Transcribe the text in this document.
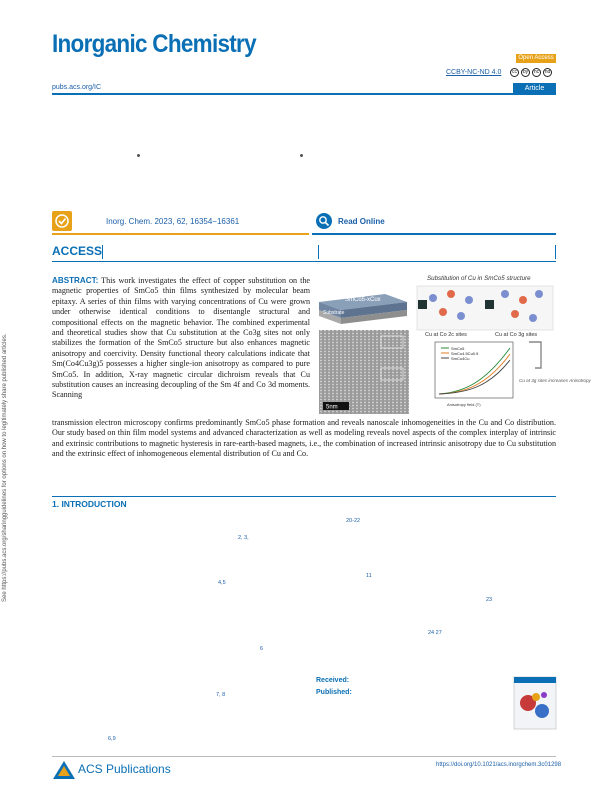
Inorganic Chemistry	Open Access
CCBY-NC-ND 4.0	cc	by	nc	nd
pubs.acs.org/IC	Article
Inorg. Chem. 2023, 62, 16354−16361	Read Online
ACCESS
See https://pubs.acs.org/sharingguidelines for options on how to legitimately share published articles.
ABSTRACT: This work investigates the effect of copper substitution on the magnetic properties of SmCo5 thin films synthesized by molecular beam epitaxy. A series of thin films with varying concentrations of Cu were grown under otherwise identical conditions to disentangle structural and compositional effects on the magnetic behavior. The combined experimental and theoretical studies show that Cu substitution at the Co3g sites not only stabilizes the formation of the SmCo5 structure but also enhances magnetic anisotropy and coercivity. Density functional theory calculations indicate that Sm(Co4Cu3g)5 possesses a higher single-ion anisotropy as compared to pure SmCo5. In addition, X-ray magnetic circular dichroism reveals that Cu substitution causes an increasing decoupling of the Sm 4f and Co 3d moments. Scanning
SmCo5-xCux
Substrate
5nm
Substitution of Cu in SmCo5 structure
Cu at Co 2c sites	Cu at Co 3g sites
SmCo5
SmCo4.5Cu0.5
SmCo4Cu
Anisotropy field (T)
Cu at 3g sites increases Anisotropy
transmission electron microscopy confirms predominantly SmCo5 phase formation and reveals nanoscale inhomogeneities in the Cu and Co distribution. Our study based on thin film model systems and advanced characterization as well as modeling reveals novel aspects of the complex interplay of intrinsic and extrinsic contributions to magnetic hysteresis in rare-earth-based magnets, i.e., the combination of increased intrinsic anisotropy due to Cu substitution and the extrinsic effect of inhomogeneous elemental distribution of Cu and Co.
1. INTRODUCTION
20-22
2, 3,
11
4,5
23
24 27
6
7, 8
6,9
Received:
Published:
ACS Publications	https://doi.org/10.1021/acs.inorgchem.3c01298
